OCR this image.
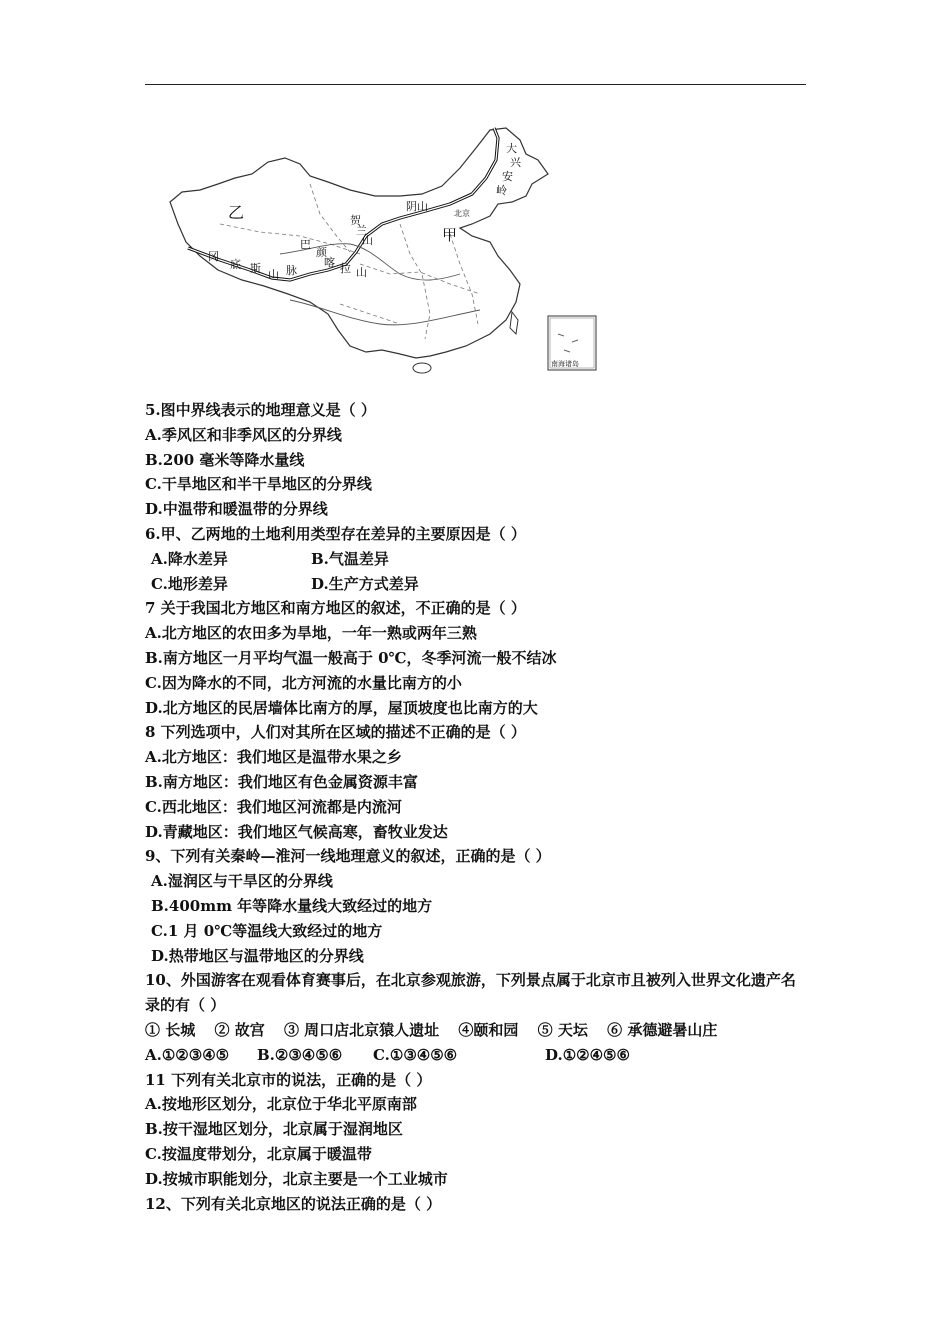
乙
甲
冈
底 斯 山 脉
巴
颜
喀 拉 山
贺
兰
山
大
兴
安
岭
阴山
北京
南海诸岛
5.图中界线表示的地理意义是（ ）
A.季风区和非季风区的分界线
B.200 毫米等降水量线
C.干旱地区和半干旱地区的分界线
D.中温带和暖温带的分界线
6.甲、乙两地的土地利用类型存在差异的主要原因是（ ）
A.降水差异	B.气温差异
C.地形差异	D.生产方式差异
7 关于我国北方地区和南方地区的叙述，不正确的是（ ）
A.北方地区的农田多为旱地，一年一熟或两年三熟
B.南方地区一月平均气温一般高于 0℃，冬季河流一般不结冰
C.因为降水的不同，北方河流的水量比南方的小
D.北方地区的民居墙体比南方的厚，屋顶坡度也比南方的大
8 下列选项中，人们对其所在区域的描述不正确的是（ ）
A.北方地区：我们地区是温带水果之乡
B.南方地区：我们地区有色金属资源丰富
C.西北地区：我们地区河流都是内流河
D.青藏地区：我们地区气候高寒，畜牧业发达
9、下列有关秦岭—淮河一线地理意义的叙述，正确的是（ ）
A.湿润区与干旱区的分界线
B.400mm 年等降水量线大致经过的地方
C.1 月 0℃等温线大致经过的地方
D.热带地区与温带地区的分界线
10、外国游客在观看体育赛事后，在北京参观旅游，下列景点属于北京市且被列入世界文化遗产名录的有（ ）
① 长城 ② 故宫 ③ 周口店北京猿人遗址 ④颐和园 ⑤ 天坛 ⑥ 承德避暑山庄
A.①②③④⑤	B.②③④⑤⑥	C.①③④⑤⑥	D.①②④⑤⑥
11 下列有关北京市的说法，正确的是（ ）
A.按地形区划分，北京位于华北平原南部
B.按干湿地区划分，北京属于湿润地区
C.按温度带划分，北京属于暖温带
D.按城市职能划分，北京主要是一个工业城市
12、下列有关北京地区的说法正确的是（ ）
